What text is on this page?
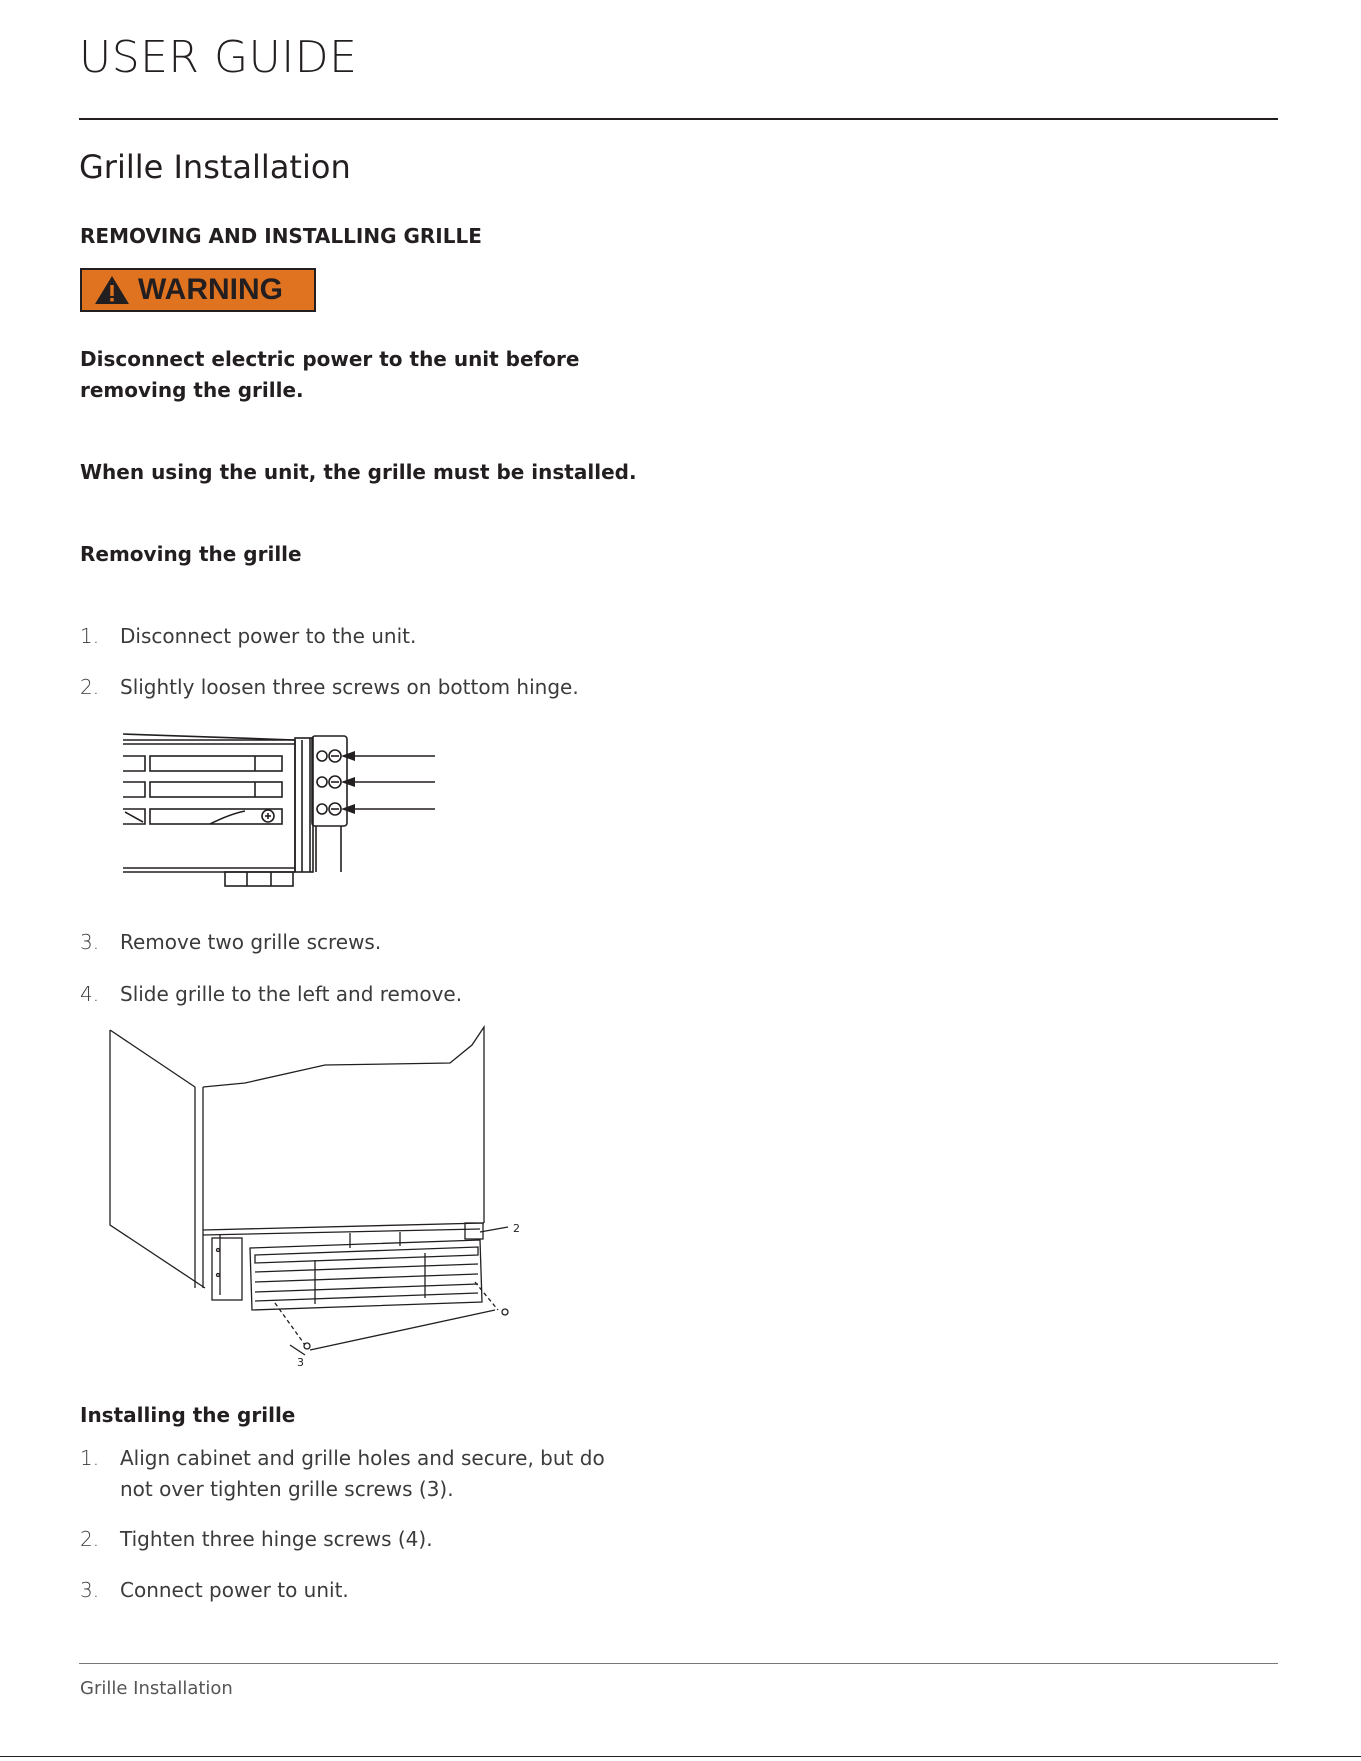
USER GUIDE
Grille Installation
REMOVING AND INSTALLING GRILLE
WARNING
Disconnect electric power to the unit before removing the grille.
When using the unit, the grille must be installed.
Removing the grille
1.	Disconnect power to the unit.
2.	Slightly loosen three screws on bottom hinge.
3.	Remove two grille screws.
4.	Slide grille to the left and remove.
2
3
Installing the grille
1.	Align cabinet and grille holes and secure, but do not over tighten grille screws (3).
2.	Tighten three hinge screws (4).
3.	Connect power to unit.
Grille Installation
